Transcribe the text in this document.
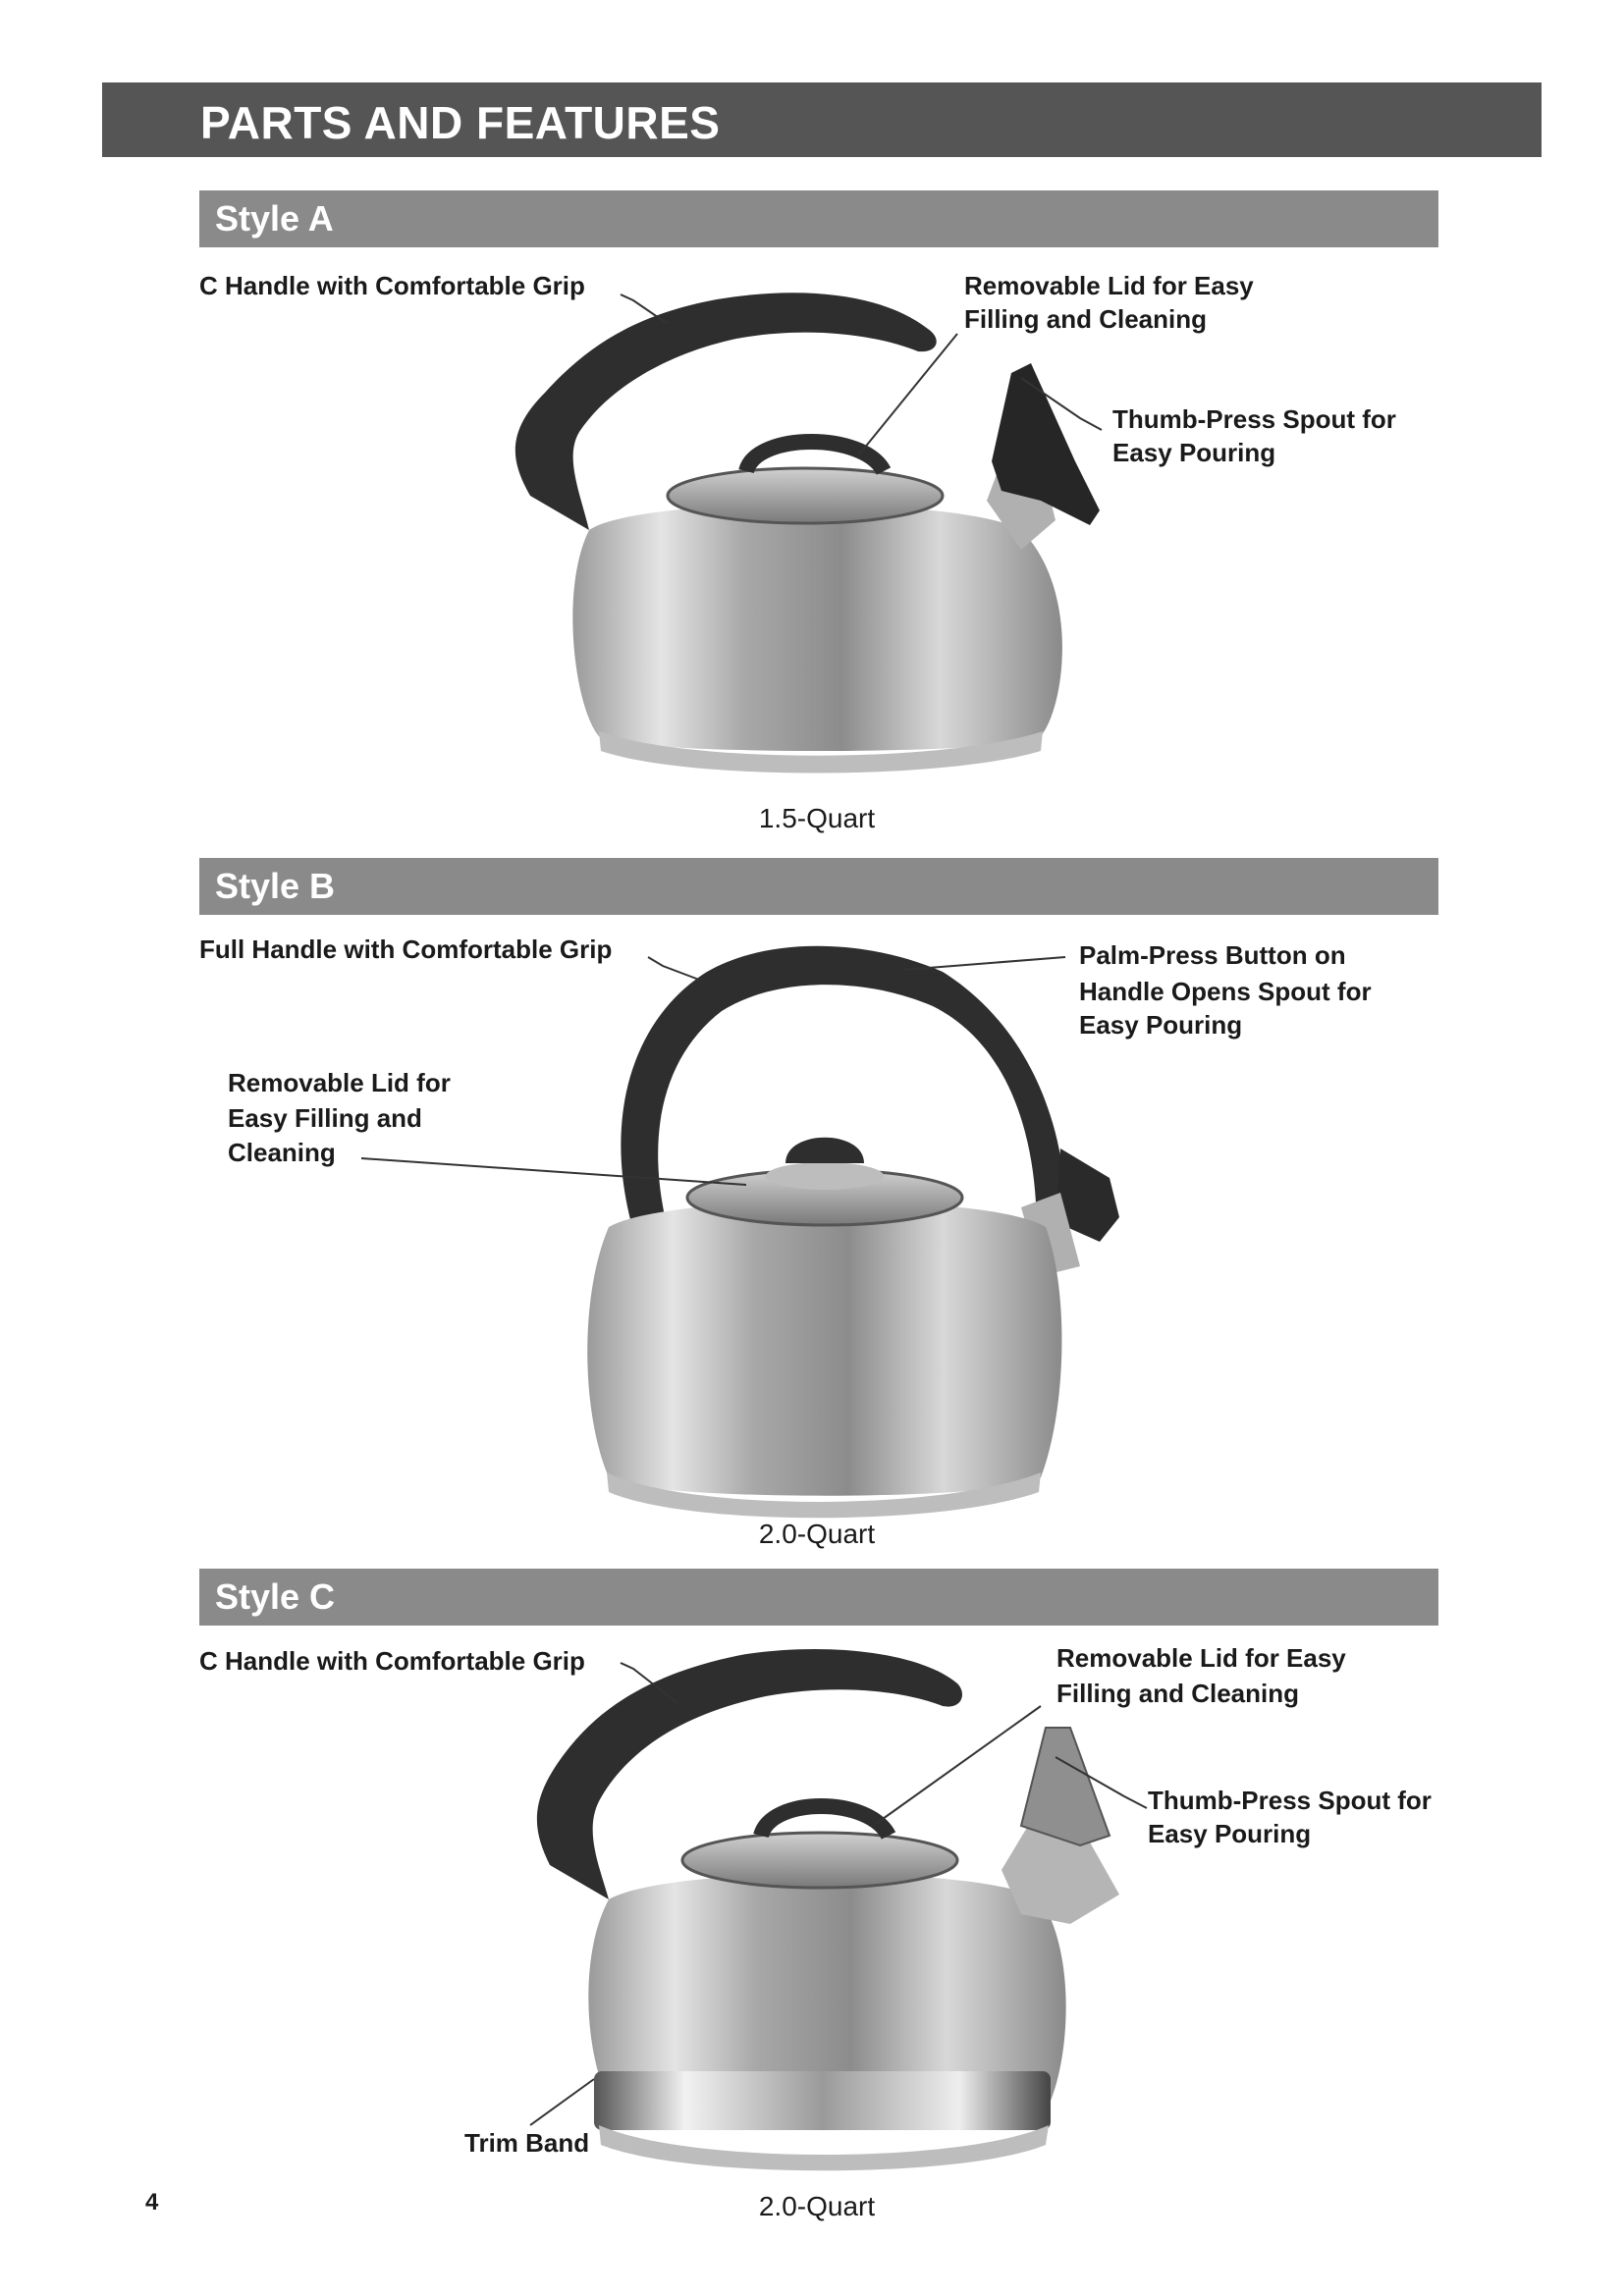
PARTS AND FEATURES
Style A
Style B
Style C
C Handle with Comfortable Grip	Removable Lid for Easy
Filling and Cleaning
Thumb-Press Spout for
Easy Pouring
1.5-Quart
Full Handle with Comfortable Grip	Palm-Press Button on
Handle Opens Spout for
Easy Pouring
Removable Lid for
Easy Filling and
Cleaning
2.0-Quart
C Handle with Comfortable Grip	Removable Lid for Easy
Filling and Cleaning
Thumb-Press Spout for
Easy Pouring
Trim Band
2.0-Quart
4
